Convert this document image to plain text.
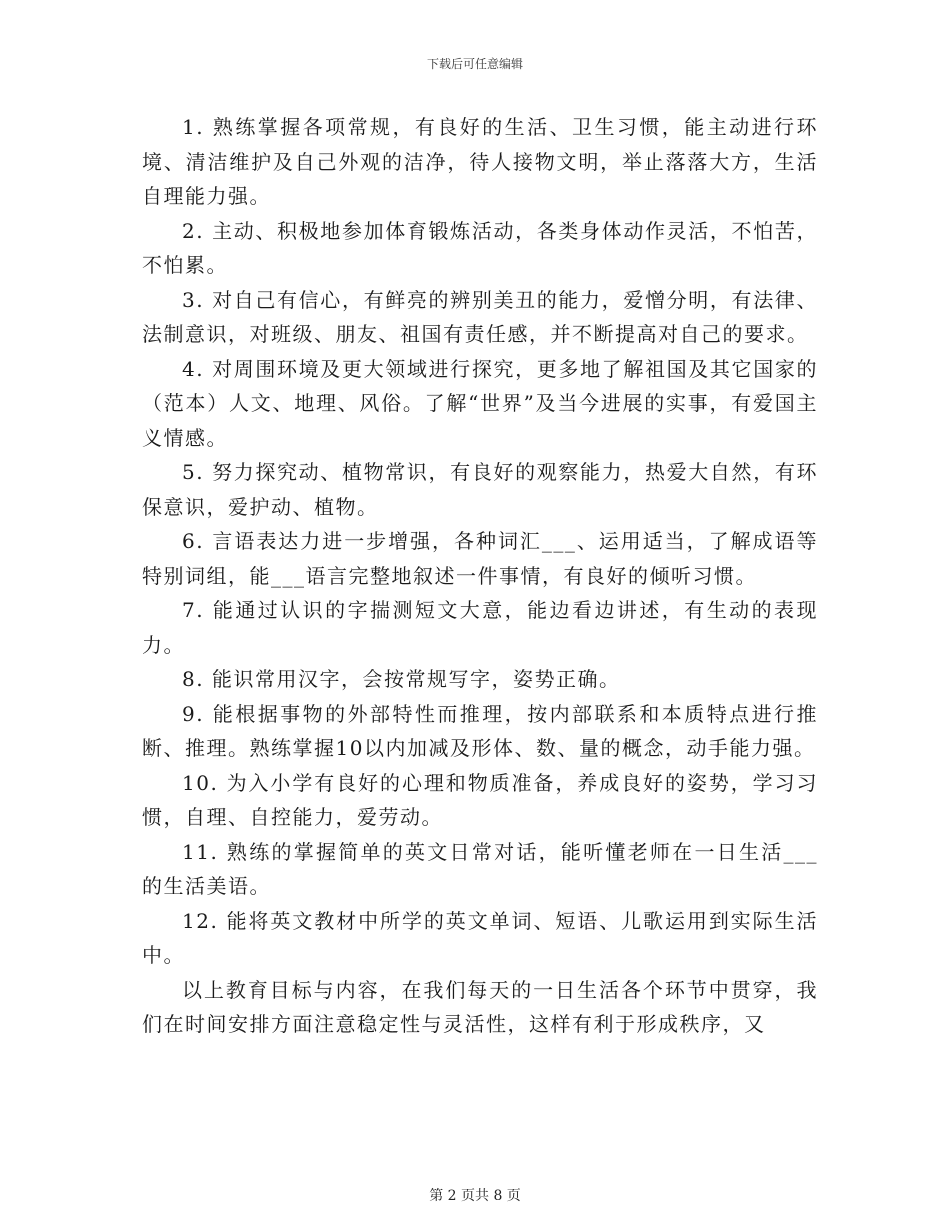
下载后可任意编辑

1. 熟练掌握各项常规，有良好的生活、卫生习惯，能主动进行环境、清洁维护及自己外观的洁净，待人接物文明，举止落落大方，生活自理能力强。

2. 主动、积极地参加体育锻炼活动，各类身体动作灵活，不怕苦，不怕累。

3. 对自己有信心，有鲜亮的辨别美丑的能力，爱憎分明，有法律、法制意识，对班级、朋友、祖国有责任感，并不断提高对自己的要求。

4. 对周围环境及更大领域进行探究，更多地了解祖国及其它国家的（范本）人文、地理、风俗。了解“世界”及当今进展的实事，有爱国主义情感。

5. 努力探究动、植物常识，有良好的观察能力，热爱大自然，有环保意识，爱护动、植物。

6. 言语表达力进一步增强，各种词汇___、运用适当，了解成语等特别词组，能___语言完整地叙述一件事情，有良好的倾听习惯。

7. 能通过认识的字揣测短文大意，能边看边讲述，有生动的表现力。

8. 能识常用汉字，会按常规写字，姿势正确。

9. 能根据事物的外部特性而推理，按内部联系和本质特点进行推断、推理。熟练掌握10以内加减及形体、数、量的概念，动手能力强。

10. 为入小学有良好的心理和物质准备，养成良好的姿势，学习习惯，自理、自控能力，爱劳动。

11. 熟练的掌握简单的英文日常对话，能听懂老师在一日生活___的生活美语。

12. 能将英文教材中所学的英文单词、短语、儿歌运用到实际生活中。

以上教育目标与内容，在我们每天的一日生活各个环节中贯穿，我们在时间安排方面注意稳定性与灵活性，这样有利于形成秩序，又

第 2 页共 8 页
